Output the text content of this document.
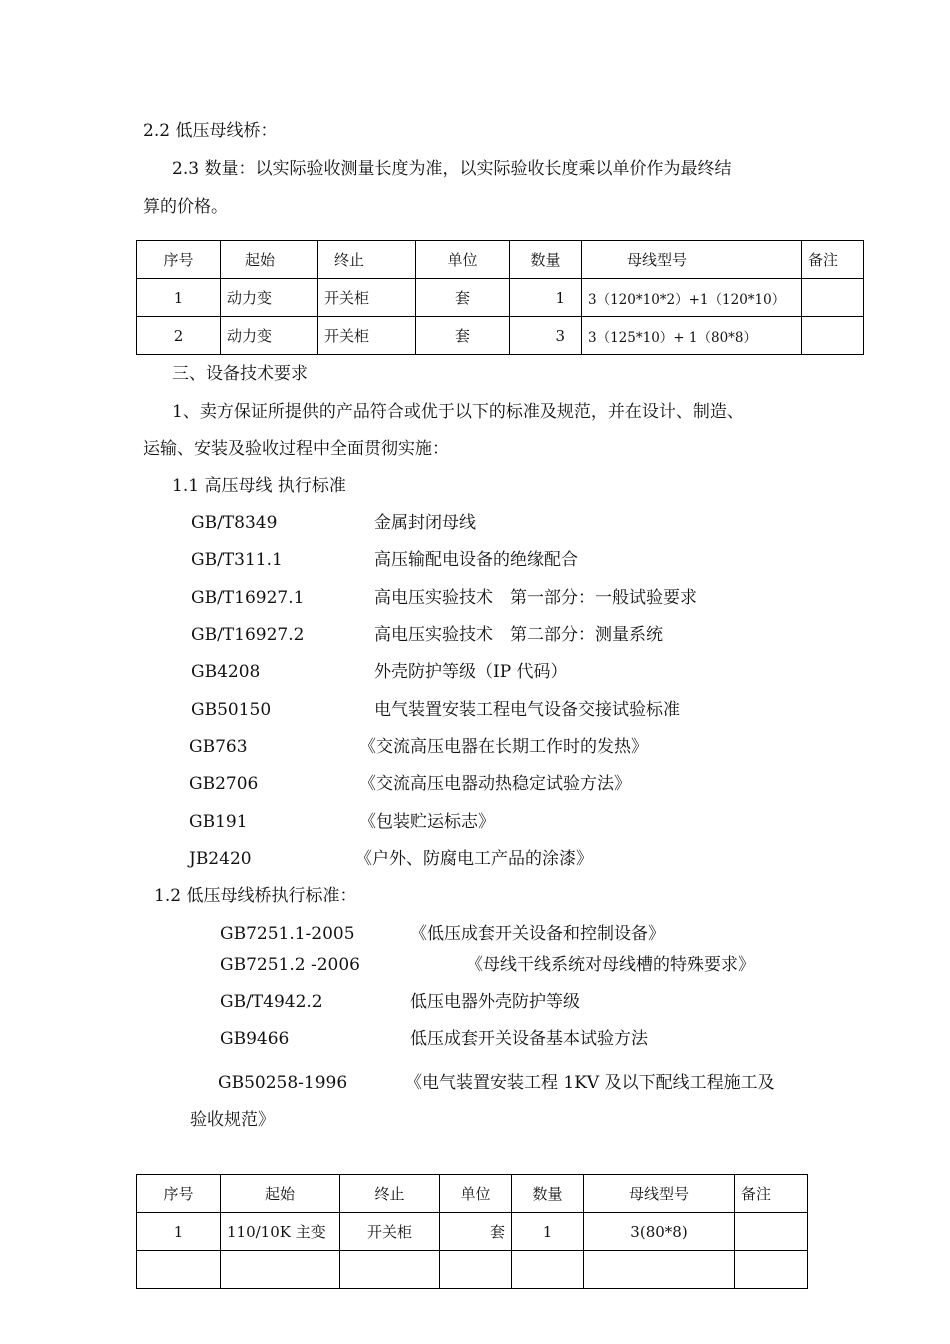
2.2 低压母线桥：
2.3 数量：以实际验收测量长度为准，以实际验收长度乘以单价作为最终结
算的价格。
序号	起始	终止	单位	数量	母线型号	备注
1	动力变	开关柜	套	1	3（120*10*2）+1（120*10）	
2	动力变	开关柜	套	3	3（125*10）+ 1（80*8）	
三、设备技术要求
1、卖方保证所提供的产品符合或优于以下的标准及规范，并在设计、制造、
运输、安装及验收过程中全面贯彻实施：
1.1 高压母线 执行标准
GB/T8349	金属封闭母线
GB/T311.1	高压输配电设备的绝缘配合
GB/T16927.1	高电压实验技术　第一部分：一般试验要求
GB/T16927.2	高电压实验技术　第二部分：测量系统
GB4208	外壳防护等级（IP 代码）
GB50150	电气装置安装工程电气设备交接试验标准
GB763	《交流高压电器在长期工作时的发热》
GB2706	《交流高压电器动热稳定试验方法》
GB191	《包装贮运标志》
JB2420	《户外、防腐电工产品的涂漆》
1.2 低压母线桥执行标准：
GB7251.1-2005	《低压成套开关设备和控制设备》
GB7251.2 -2006	《母线干线系统对母线槽的特殊要求》
GB/T4942.2	低压电器外壳防护等级
GB9466	低压成套开关设备基本试验方法
GB50258-1996	《电气装置安装工程 1KV 及以下配线工程施工及
验收规范》
序号	起始	终止	单位	数量	母线型号	备注
1	110/10K 主变	开关柜	套	1	3(80*8)	
